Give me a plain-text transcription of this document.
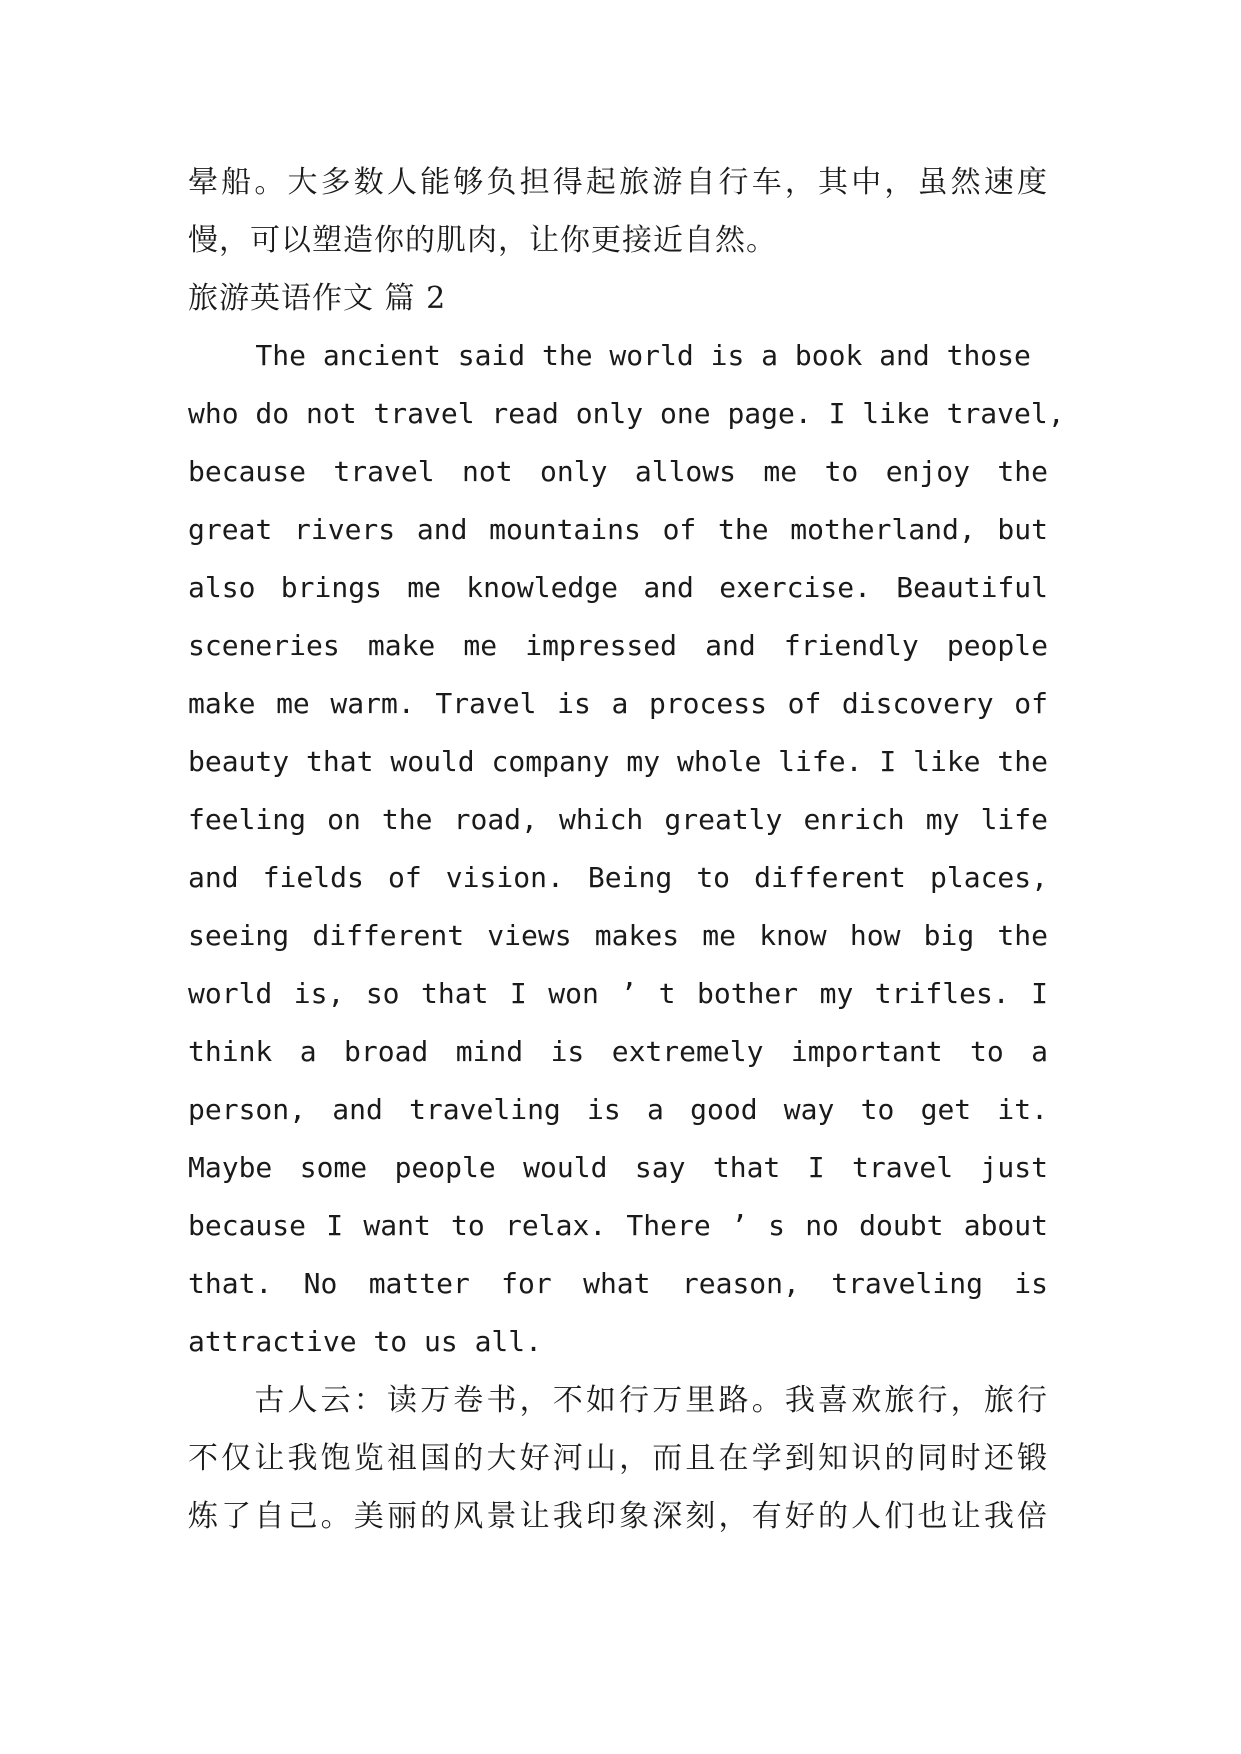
晕船。大多数人能够负担得起旅游自行车，其中，虽然速度
慢，可以塑造你的肌肉，让你更接近自然。
旅游英语作文 篇 2
The ancient said the world is a book and those
who do not travel read only one page. I like travel,
because travel not only allows me to enjoy the
great rivers and mountains of the motherland, but
also brings me knowledge and exercise. Beautiful
sceneries make me impressed and friendly people
make me warm. Travel is a process of discovery of
beauty that would company my whole life. I like the
feeling on the road, which greatly enrich my life
and fields of vision. Being to different places,
seeing different views makes me know how big the
world is, so that I won ’ t bother my trifles. I
think a broad mind is extremely important to a
person, and traveling is a good way to get it.
Maybe some people would say that I travel just
because I want to relax. There ’ s no doubt about
that. No matter for what reason, traveling is
attractive to us all.
　　古人云：读万卷书，不如行万里路。我喜欢旅行，旅行
不仅让我饱览祖国的大好河山，而且在学到知识的同时还锻
炼了自己。美丽的风景让我印象深刻，有好的人们也让我倍
